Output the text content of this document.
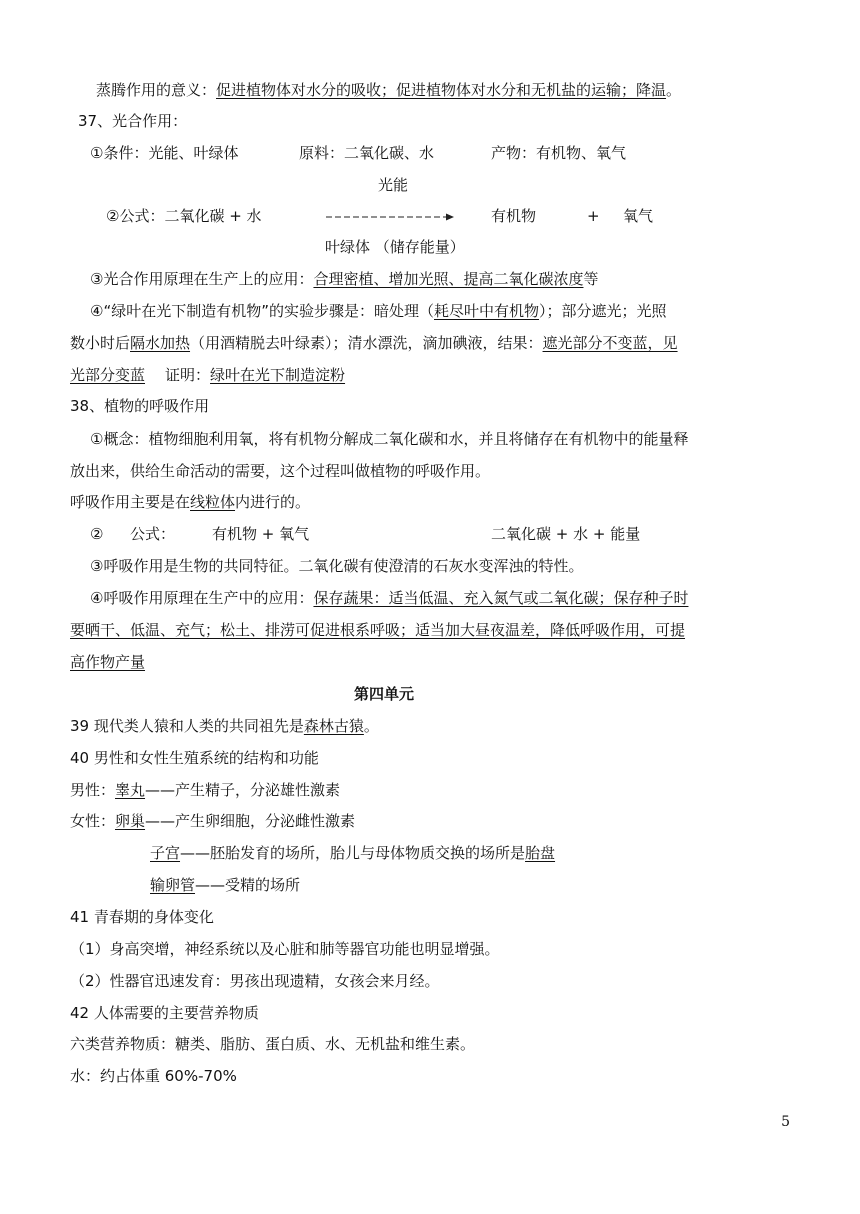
蒸腾作用的意义：促进植物体对水分的吸收；促进植物体对水分和无机盐的运输；降温。
37、光合作用：
①条件：光能、叶绿体	原料：二氧化碳、水	产物：有机物、氧气
光能
②公式：二氧化碳 + 水	有机物	+ 氧气
叶绿体 （储存能量）
③光合作用原理在生产上的应用：合理密植、增加光照、提高二氧化碳浓度等
④“绿叶在光下制造有机物”的实验步骤是：暗处理（耗尽叶中有机物）；部分遮光；光照
数小时后隔水加热（用酒精脱去叶绿素）；清水漂洗，滴加碘液，结果：遮光部分不变蓝，见
光部分变蓝 证明：绿叶在光下制造淀粉
38、植物的呼吸作用
①概念：植物细胞利用氧，将有机物分解成二氧化碳和水，并且将储存在有机物中的能量释
放出来，供给生命活动的需要，这个过程叫做植物的呼吸作用。
呼吸作用主要是在线粒体内进行的。
② 公式： 有机物 + 氧气	二氧化碳 + 水 + 能量
③呼吸作用是生物的共同特征。二氧化碳有使澄清的石灰水变浑浊的特性。
④呼吸作用原理在生产中的应用：保存蔬果：适当低温、充入氮气或二氧化碳；保存种子时
要晒干、低温、充气；松土、排涝可促进根系呼吸；适当加大昼夜温差，降低呼吸作用，可提
高作物产量
第四单元
39 现代类人猿和人类的共同祖先是森林古猿。
40 男性和女性生殖系统的结构和功能
男性：睾丸——产生精子，分泌雄性激素
女性：卵巢——产生卵细胞，分泌雌性激素
子宫——胚胎发育的场所，胎儿与母体物质交换的场所是胎盘
输卵管——受精的场所
41 青春期的身体变化
（1）身高突增，神经系统以及心脏和肺等器官功能也明显增强。
（2）性器官迅速发育：男孩出现遗精，女孩会来月经。
42 人体需要的主要营养物质
六类营养物质：糖类、脂肪、蛋白质、水、无机盐和维生素。
水：约占体重 60%-70%
5
